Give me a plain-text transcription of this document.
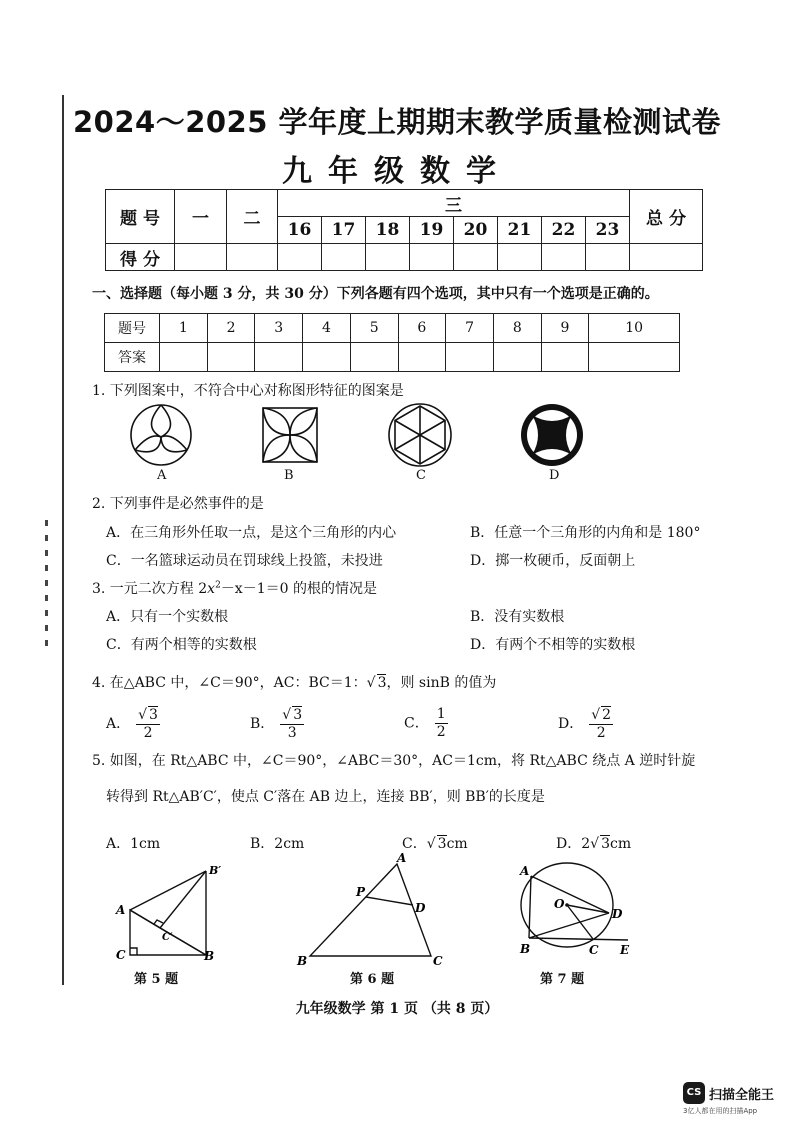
2024～2025 学年度上期期末教学质量检测试卷
九年级数学
题 号	一	二	三								总 分
			16	17	18	19	20	21	22	23	
得 分											
一、选择题（每小题 3 分，共 30 分）下列各题有四个选项，其中只有一个选项是正确的。
题号	1	2	3	4	5	6	7	8	9	10
答案										
1. 下列图案中，不符合中心对称图形特征的图案是
A	B	C	D
2. 下列事件是必然事件的是
A．在三角形外任取一点，是这个三角形的内心	B．任意一个三角形的内角和是 180°
C．一名篮球运动员在罚球线上投篮，未投进	D．掷一枚硬币，反面朝上
3. 一元二次方程 $2x^2-x-1=0$ 的根的情况是
A．只有一个实数根	B．没有实数根
C．有两个相等的实数根	D．有两个不相等的实数根
4. 在△ABC 中，∠C＝90°，AC：BC＝1：√ 3，则 sinB 的值为
A． $\frac{√ 3}{2}$	B． $\frac{√ 3}{3}$	C． $\frac{1}{2}$	D． $\frac{√ 2}{2}$
5. 如图，在 Rt△ABC 中，∠C＝90°，∠ABC＝30°，AC＝1cm，将 Rt△ABC 绕点 A 逆时针旋
转得到 Rt△AB′C′，使点 C′落在 AB 边上，连接 BB′，则 BB′的长度是
A．1cm	B．2cm	C．√ 3cm	D．2√ 3cm
A
C	B
B′
C′
第 5 题
A
B	C
P
D
第 6 题
A
B	C
D
E
O
第 7 题
九年级数学 第 1 页 （共 8 页）
CS 扫描全能王
3亿人都在用的扫描App
